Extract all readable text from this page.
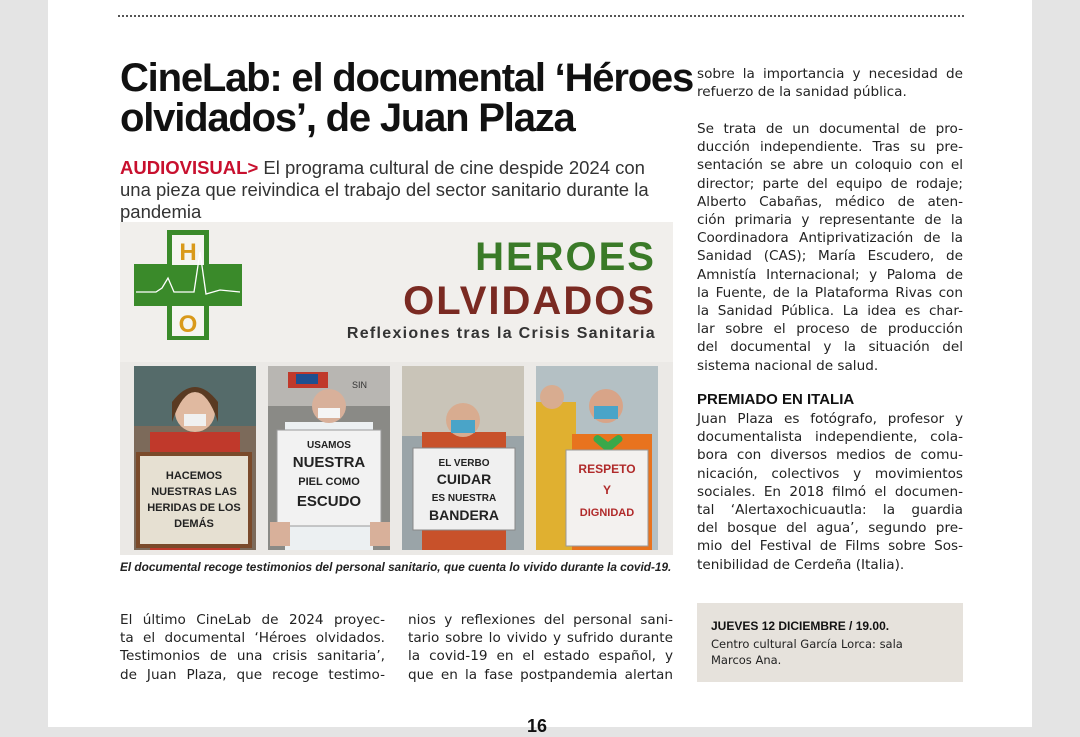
CineLab: el documental ‘Héroes
olvidados’, de Juan Plaza

AUDIOVISUAL> El programa cultural de cine despide 2024 con una pieza que reivindica el trabajo del sector sanitario durante la pandemia

H
O
HEROES
OLVIDADOS
Reflexiones tras la Crisis Sanitaria
HACEMOS
NUESTRAS LAS
HERIDAS DE LOS
DEMÁS
SIN
USAMOS
NUESTRA
PIEL COMO
ESCUDO
EL VERBO
CUIDAR
ES NUESTRA
BANDERA
RESPETO
Y
DIGNIDAD

El documental recoge testimonios del personal sanitario, que cuenta lo vivido durante la covid-19.

El último CineLab de 2024 proyec-
ta el documental ‘Héroes olvidados.
Testimonios de una crisis sanitaria’,
de Juan Plaza, que recoge testimo-
nios y reflexiones del personal sani-
tario sobre lo vivido y sufrido durante
la covid-19 en el estado español, y
que en la fase postpandemia alertan
sobre la importancia y necesidad de
refuerzo de la sanidad pública.
Se trata de un documental de pro-
ducción independiente. Tras su pre-
sentación se abre un coloquio con el
director; parte del equipo de rodaje;
Alberto Cabañas, médico de aten-
ción primaria y representante de la
Coordinadora Antiprivatización de la
Sanidad (CAS); María Escudero, de
Amnistía Internacional; y Paloma de
la Fuente, de la Plataforma Rivas con
la Sanidad Pública. La idea es char-
lar sobre el proceso de producción
del documental y la situación del
sistema nacional de salud.
PREMIADO EN ITALIA
Juan Plaza es fotógrafo, profesor y
documentalista independiente, cola-
bora con diversos medios de comu-
nicación, colectivos y movimientos
sociales. En 2018 filmó el documen-
tal ‘Alertaxochicuautla: la guardia
del bosque del agua’, segundo pre-
mio del Festival de Films sobre Sos-
tenibilidad de Cerdeña (Italia).
JUEVES 12 DICIEMBRE / 19.00.
Centro cultural García Lorca: sala
Marcos Ana.
16
